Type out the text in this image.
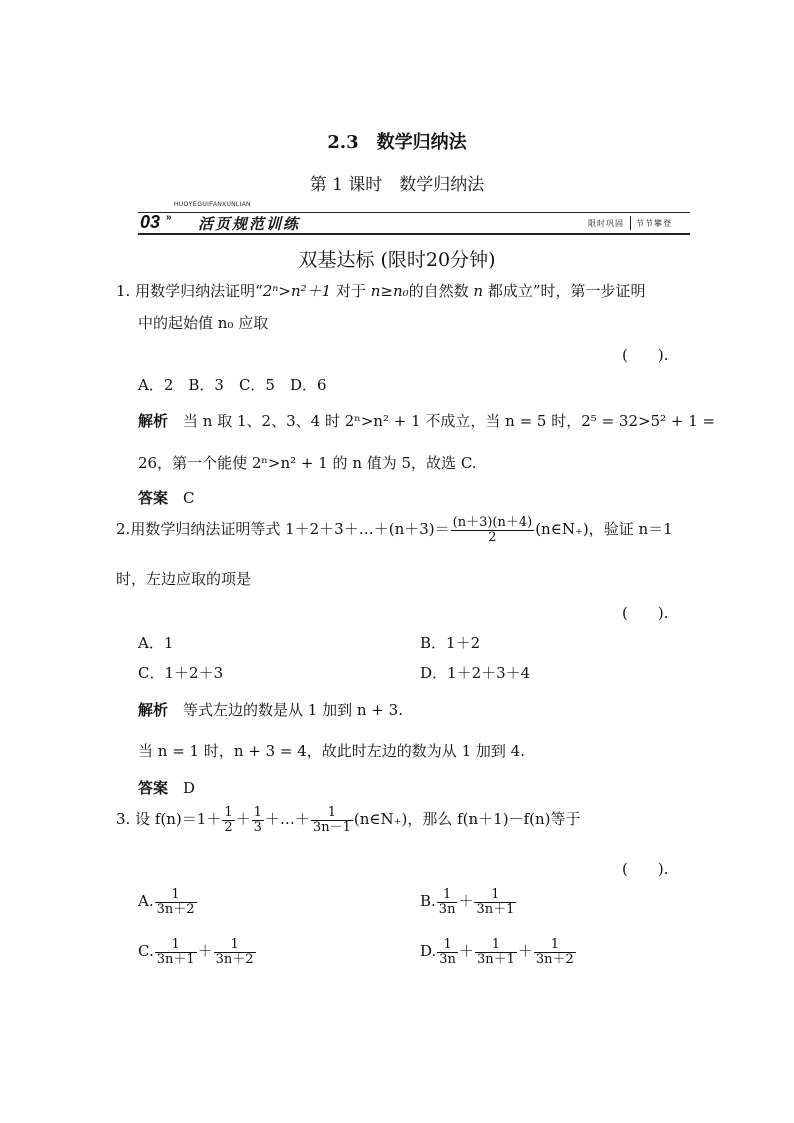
2.3　数学归纳法
第 1 课时　数学归纳法
HUOYEGUIFANXUNLIAN
03 » 活页规范训练	限时巩固 节节攀登
双基达标 (限时20分钟)
1. 用数学归纳法证明“2ⁿ>n²＋1 对于 n≥n₀的自然数 n 都成立”时，第一步证明
中的起始值 n₀ 应取
(　　).
A．2　B．3　C．5　D．6
解析　 当 n 取 1、2、3、4 时 2ⁿ>n² + 1 不成立，当 n = 5 时，2⁵ = 32>5² + 1 =
26，第一个能使 2ⁿ>n² + 1 的 n 值为 5，故选 C.
答案　 C
2.用数学归纳法证明等式 1＋2＋3＋…＋(n＋3)＝ $\frac{(n+3)(n+4)}{2}$ (n∈N₊)，验证 n＝1
时，左边应取的项是
(　　).
A．1	B．1＋2
C．1＋2＋3	D．1＋2＋3＋4
解析　 等式左边的数是从 1 加到 n + 3.
当 n = 1 时，n + 3 = 4，故此时左边的数为从 1 加到 4.
答案　 D
3. 设 $f(n)=1+ \frac{1}{2} + \frac{1}{3}$ ＋…＋ $\frac{1}{3n-1}$ (n∈N₊)，那么 f(n＋1)－f(n)等于
(　　).
A. $\frac{1}{3n+2}$	B. $\frac{1}{3n} + \frac{1}{3n+1}$
C. $\frac{1}{3n+1} + \frac{1}{3n+2}$	D. $\frac{1}{3n} + \frac{1}{3n+1} + \frac{1}{3n+2}$
